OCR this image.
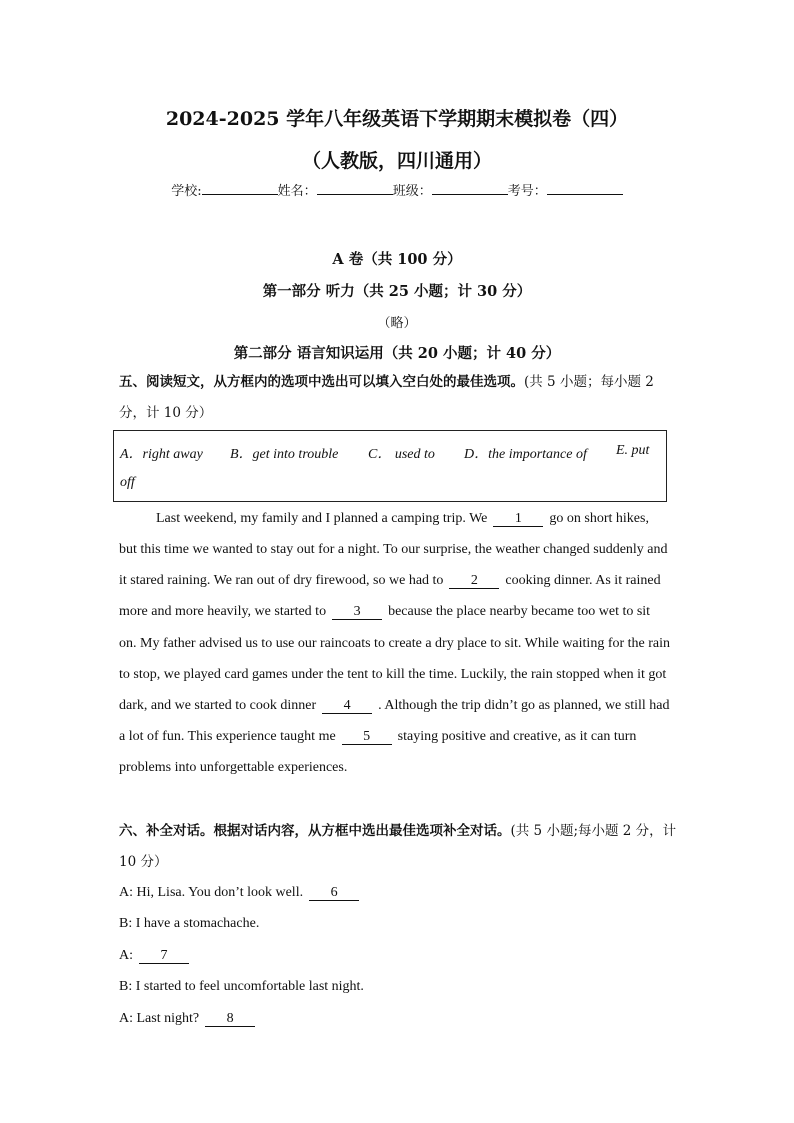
2024-2025 学年八年级英语下学期期末模拟卷（四）
（人教版，四川通用）
学校:	姓名：	班级：	考号：
A 卷（共 100 分）
第一部分 听力（共 25 小题；计 30 分）
（略）
第二部分 语言知识运用（共 20 小题；计 40 分）
五、阅读短文，从方框内的选项中选出可以填入空白处的最佳选项。(共 5 小题；每小题 2 分，计 10 分）
A．right away B．get into trouble C． used to D．the importance of E. put
off
Last weekend, my family and I planned a camping trip. We 1 go on short hikes,
but this time we wanted to stay out for a night. To our surprise, the weather changed suddenly and
it stared raining. We ran out of dry firewood, so we had to 2 cooking dinner. As it rained
more and more heavily, we started to 3 because the place nearby became too wet to sit
on. My father advised us to use our raincoats to create a dry place to sit. While waiting for the rain
to stop, we played card games under the tent to kill the time. Luckily, the rain stopped when it got
dark, and we started to cook dinner 4 . Although the trip didn’t go as planned, we still had
a lot of fun. This experience taught me 5 staying positive and creative, as it can turn
problems into unforgettable experiences.
六、补全对话。根据对话内容，从方框中选出最佳选项补全对话。(共 5 小题;每小题 2 分，计 10 分）
A: Hi, Lisa. You don’t look well. 6
B: I have a stomachache.
A: 7
B: I started to feel uncomfortable last night.
A: Last night? 8
